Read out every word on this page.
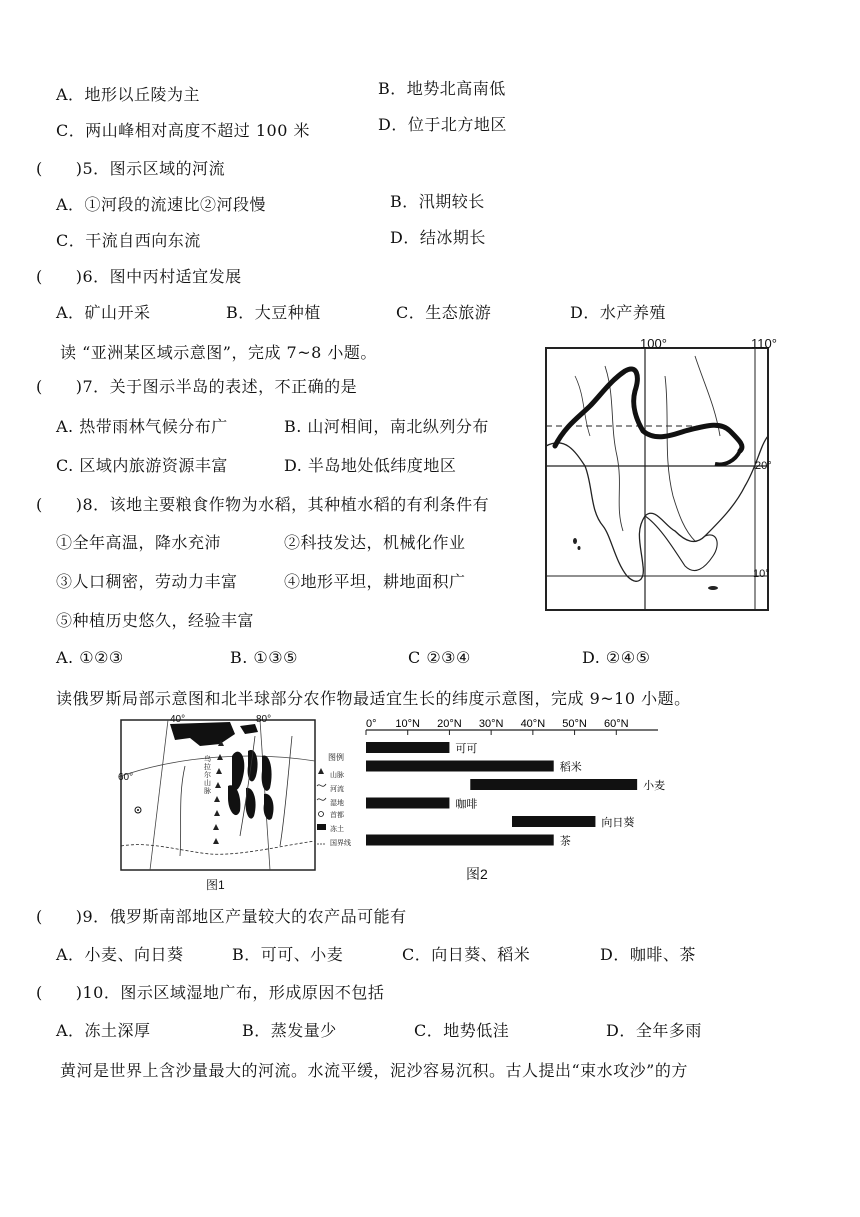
A．地形以丘陵为主	B．地势北高南低
C．两山峰相对高度不超过 100 米	D．位于北方地区
(　　)5．图示区域的河流
A．①河段的流速比②河段慢	B．汛期较长
C．干流自西向东流	D．结冰期长
(　　)6．图中丙村适宜发展
A．矿山开采	B．大豆种植	C．生态旅游	D．水产养殖
读 “亚洲某区域示意图”，完成 7~8 小题。
(　　)7．关于图示半岛的表述，不正确的是
A. 热带雨林气候分布广	B. 山河相间，南北纵列分布
C. 区域内旅游资源丰富	D. 半岛地处低纬度地区
(　　)8．该地主要粮食作物为水稻，其种植水稻的有利条件有
①全年高温，降水充沛	②科技发达，机械化作业
③人口稠密，劳动力丰富	④地形平坦，耕地面积广
⑤种植历史悠久，经验丰富
A. ①②③	B. ①③⑤	C ②③④	D. ②④⑤
100°	110°
20°
10°
读俄罗斯局部示意图和北半球部分农作物最适宜生长的纬度示意图，完成 9~10 小题。
40°	80°
60°
乌拉尔山脉
图1
图例
山脉
河流
湿地
首都
冻土
国界线
0° 10°N 20°N 30°N 40°N 50°N 60°N
可可
稻米
小麦
咖啡
向日葵
茶
图2
(　　)9．俄罗斯南部地区产量较大的农产品可能有
A．小麦、向日葵	B．可可、小麦	C．向日葵、稻米	D．咖啡、茶
(　　)10．图示区域湿地广布，形成原因不包括
A．冻土深厚	B．蒸发量少	C．地势低洼	D．全年多雨
黄河是世界上含沙量最大的河流。水流平缓，泥沙容易沉积。古人提出“束水攻沙”的方
